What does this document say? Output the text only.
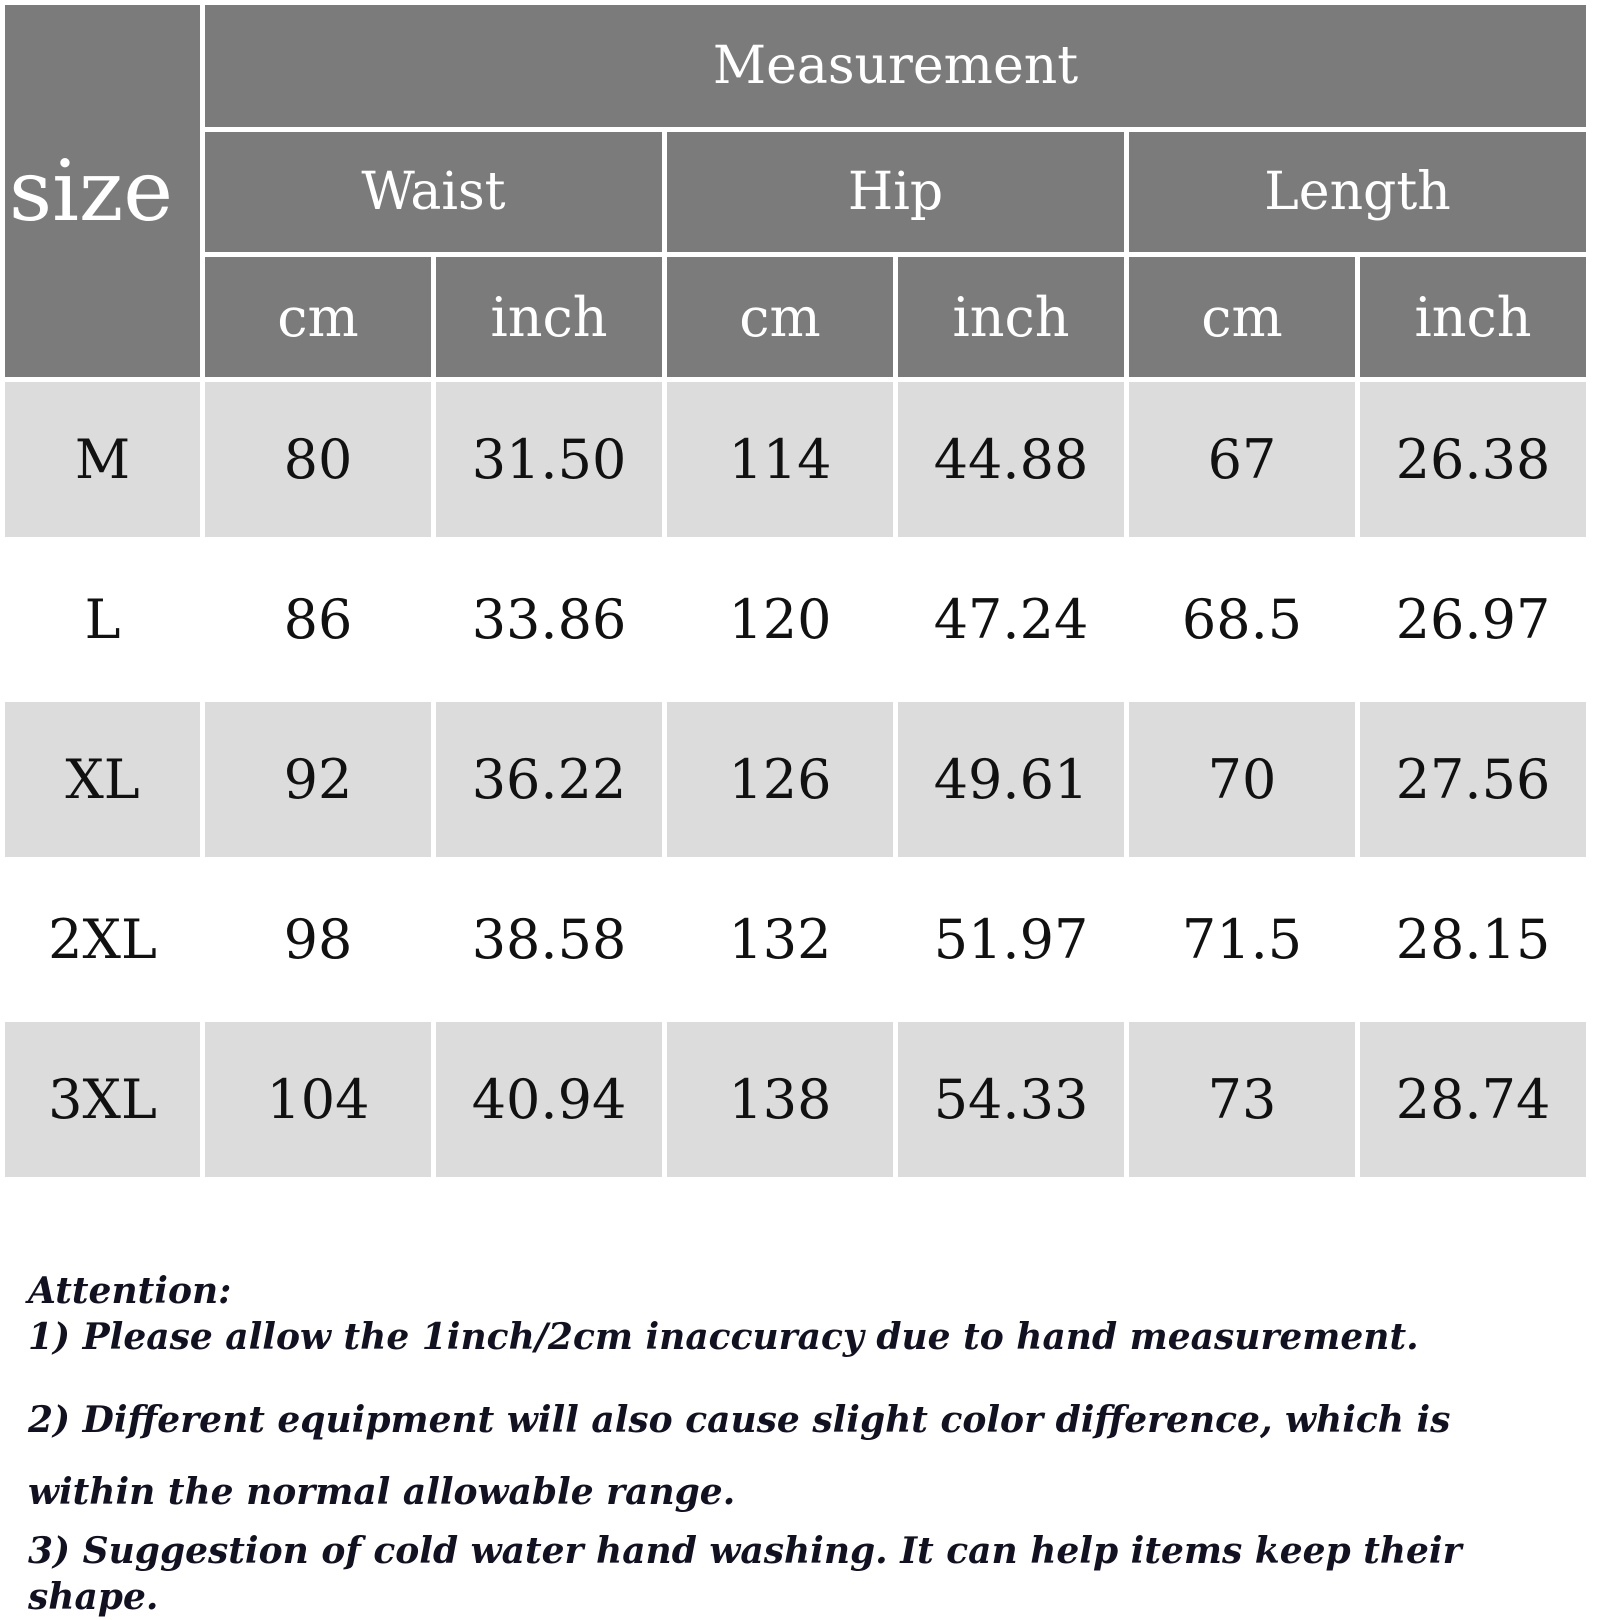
size
Measurement
Waist	Hip	Length
cm	inch	cm	inch	cm	inch
M	80	31.50	114	44.88	67	26.38
L	86	33.86	120	47.24	68.5	26.97
XL	92	36.22	126	49.61	70	27.56
2XL	98	38.58	132	51.97	71.5	28.15
3XL	104	40.94	138	54.33	73	28.74

Attention:

1) Please allow the 1inch/2cm inaccuracy due to hand measurement.

2) Different equipment will also cause slight color difference, which is within the normal allowable range.

3) Suggestion of cold water hand washing. It can help items keep their shape.
